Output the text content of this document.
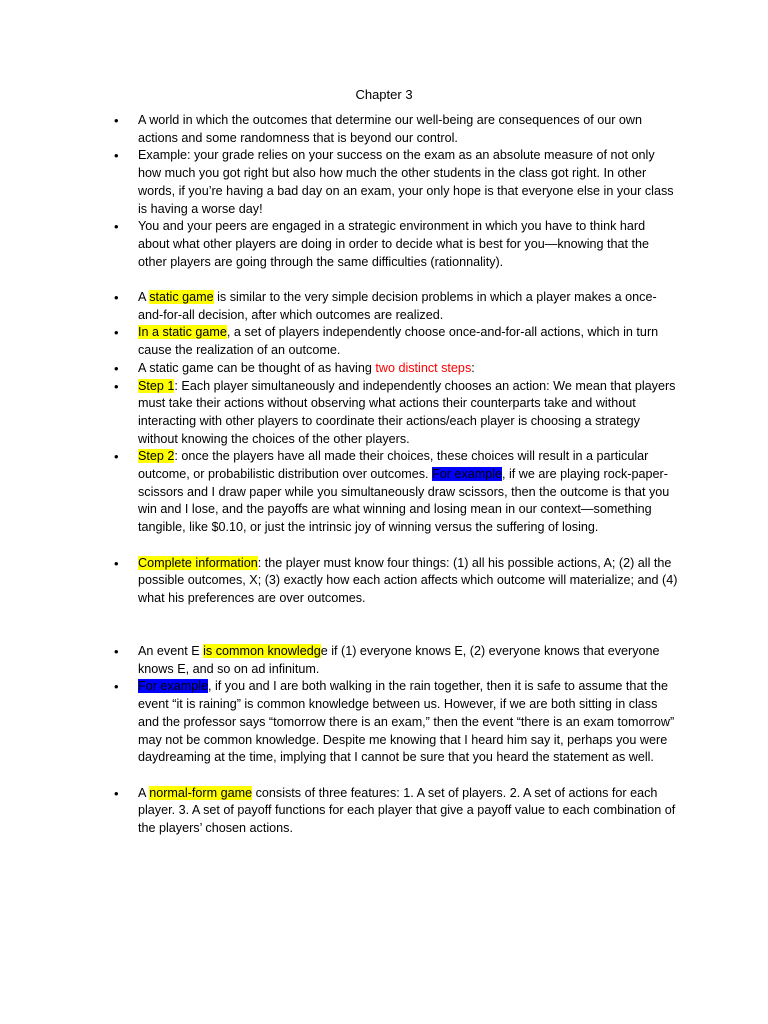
Chapter 3
• A world in which the outcomes that determine our well-being are consequences of our own actions and some randomness that is beyond our control.
• Example: your grade relies on your success on the exam as an absolute measure of not only how much you got right but also how much the other students in the class got right. In other words, if you’re having a bad day on an exam, your only hope is that everyone else in your class is having a worse day!
• You and your peers are engaged in a strategic environment in which you have to think hard about what other players are doing in order to decide what is best for you—knowing that the other players are going through the same difficulties (rationnality).
• A static game is similar to the very simple decision problems in which a player makes a once-and-for-all decision, after which outcomes are realized.
• In a static game, a set of players independently choose once-and-for-all actions, which in turn cause the realization of an outcome.
• A static game can be thought of as having two distinct steps:
• Step 1: Each player simultaneously and independently chooses an action: We mean that players must take their actions without observing what actions their counterparts take and without interacting with other players to coordinate their actions/each player is choosing a strategy without knowing the choices of the other players.
• Step 2: once the players have all made their choices, these choices will result in a particular outcome, or probabilistic distribution over outcomes. For example, if we are playing rock-paper-scissors and I draw paper while you simultaneously draw scissors, then the outcome is that you win and I lose, and the payoffs are what winning and losing mean in our context—something tangible, like $0.10, or just the intrinsic joy of winning versus the suffering of losing.
• Complete information: the player must know four things: (1) all his possible actions, A; (2) all the possible outcomes, X; (3) exactly how each action affects which outcome will materialize; and (4) what his preferences are over outcomes.
• An event E is common knowledge if (1) everyone knows E, (2) everyone knows that everyone knows E, and so on ad infinitum.
• For example, if you and I are both walking in the rain together, then it is safe to assume that the event “it is raining” is common knowledge between us. However, if we are both sitting in class and the professor says “tomorrow there is an exam,” then the event “there is an exam tomorrow” may not be common knowledge. Despite me knowing that I heard him say it, perhaps you were daydreaming at the time, implying that I cannot be sure that you heard the statement as well.
• A normal-form game consists of three features: 1. A set of players. 2. A set of actions for each player. 3. A set of payoff functions for each player that give a payoff value to each combination of the players’ chosen actions.
